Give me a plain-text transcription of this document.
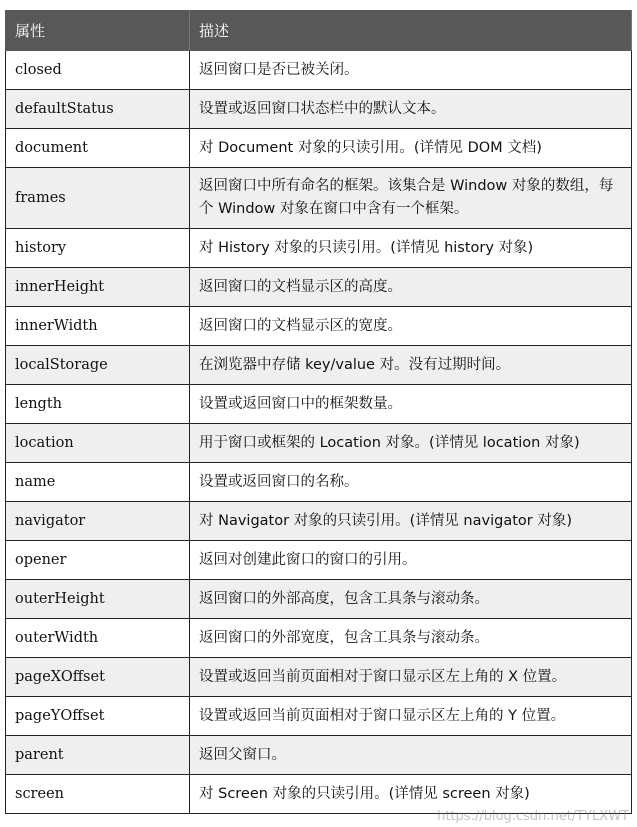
属性	描述
closed	返回窗口是否已被关闭。
defaultStatus	设置或返回窗口状态栏中的默认文本。
document	对 Document 对象的只读引用。(详情见 DOM 文档)
frames	返回窗口中所有命名的框架。该集合是 Window 对象的数组，每个 Window 对象在窗口中含有一个框架。
history	对 History 对象的只读引用。(详情见 history 对象)
innerHeight	返回窗口的文档显示区的高度。
innerWidth	返回窗口的文档显示区的宽度。
localStorage	在浏览器中存储 key/value 对。没有过期时间。
length	设置或返回窗口中的框架数量。
location	用于窗口或框架的 Location 对象。(详情见 location 对象)
name	设置或返回窗口的名称。
navigator	对 Navigator 对象的只读引用。(详情见 navigator 对象)
opener	返回对创建此窗口的窗口的引用。
outerHeight	返回窗口的外部高度，包含工具条与滚动条。
outerWidth	返回窗口的外部宽度，包含工具条与滚动条。
pageXOffset	设置或返回当前页面相对于窗口显示区左上角的 X 位置。
pageYOffset	设置或返回当前页面相对于窗口显示区左上角的 Y 位置。
parent	返回父窗口。
screen	对 Screen 对象的只读引用。(详情见 screen 对象)
https://blog.csdn.net/TYLXWT
